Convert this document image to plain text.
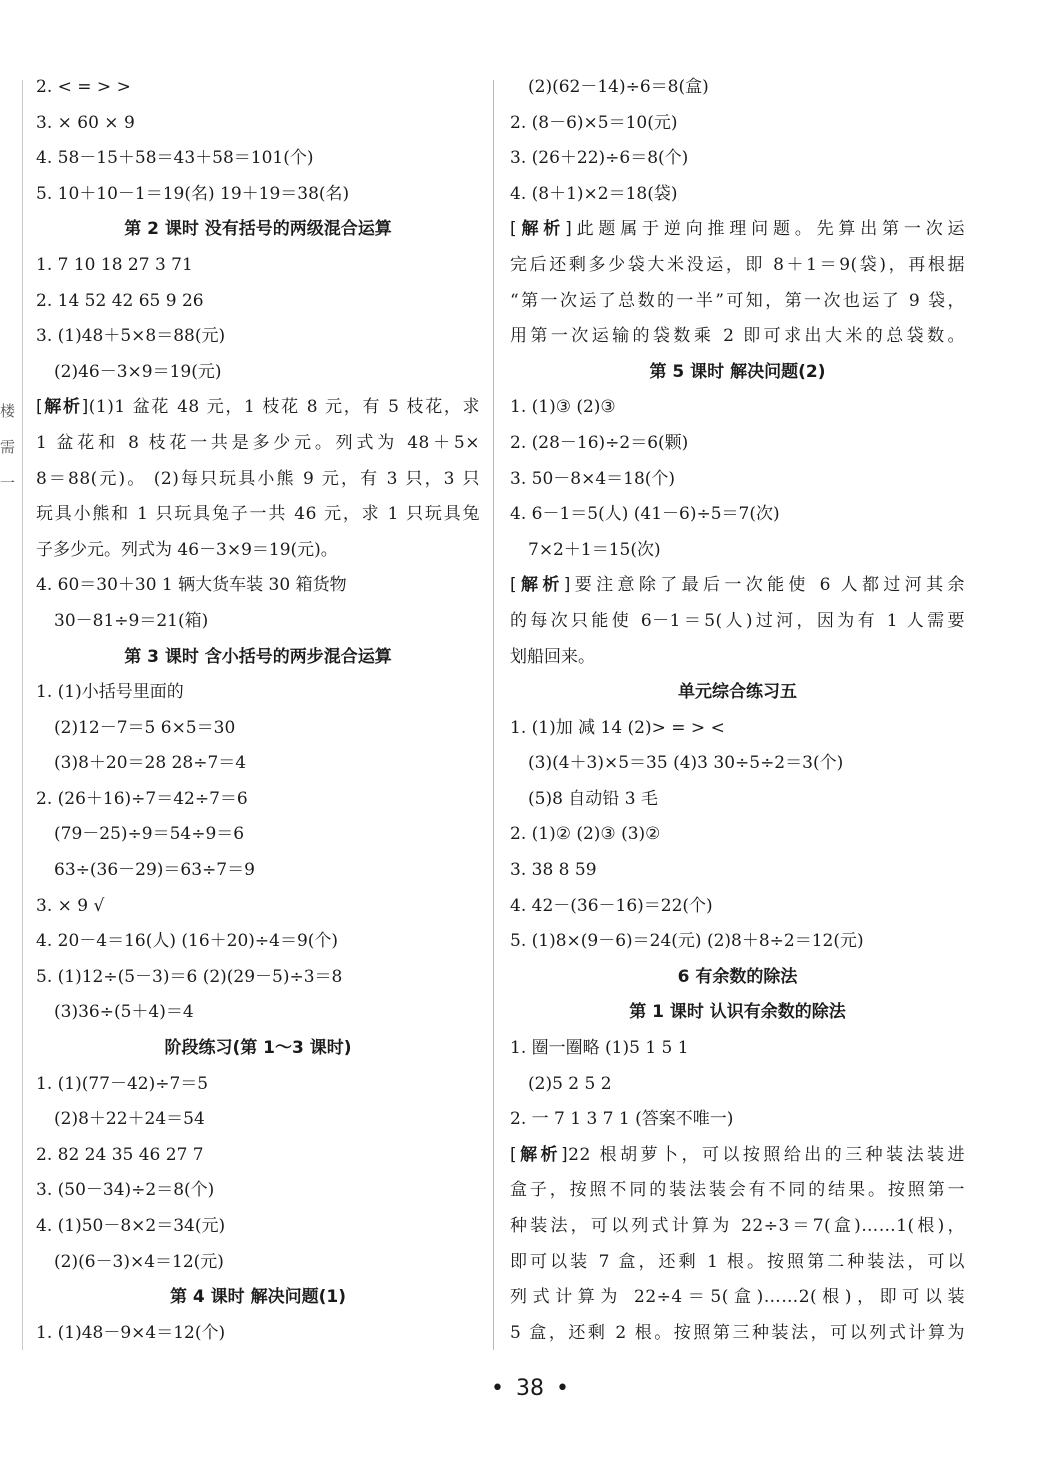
楼
需
一
2. < = > >
3. × 60 × 9
4. 58－15＋58＝43＋58＝101(个)
5. 10＋10－1＝19(名) 19＋19＝38(名)
第 2 课时 没有括号的两级混合运算
1. 7 10 18 27 3 71
2. 14 52 42 65 9 26
3. (1)48＋5×8＝88(元)
(2)46－3×9＝19(元)
[ 解析 ] (1)1 盆花 48 元，1 枝花 8 元，有 5 枝花，求
1 盆花和 8 枝花一共是多少元。列式为 48＋5×
8＝88(元)。 (2)每只玩具小熊 9 元，有 3 只，3 只
玩具小熊和 1 只玩具兔子一共 46 元，求 1 只玩具兔
子多少元。列式为 46－3×9＝19(元)。
4. 60＝30＋30 1 辆大货车装 30 箱货物
30－81÷9＝21(箱)
第 3 课时 含小括号的两步混合运算
1. (1)小括号里面的
(2)12－7＝5 6×5＝30
(3)8＋20＝28 28÷7＝4
2. (26＋16)÷7＝42÷7＝6
(79－25)÷9＝54÷9＝6
63÷(36－29)＝63÷7＝9
3. × 9 √
4. 20－4＝16(人) (16＋20)÷4＝9(个)
5. (1)12÷(5－3)＝6 (2)(29－5)÷3＝8
(3)36÷(5＋4)＝4
阶段练习(第 1～3 课时)
1. (1)(77－42)÷7＝5
(2)8＋22＋24＝54
2. 82 24 35 46 27 7
3. (50－34)÷2＝8(个)
4. (1)50－8×2＝34(元)
(2)(6－3)×4＝12(元)
第 4 课时 解决问题(1)
1. (1)48－9×4＝12(个)
(2)(62－14)÷6＝8(盒)
2. (8－6)×5＝10(元)
3. (26＋22)÷6＝8(个)
4. (8＋1)×2＝18(袋)
[ 解析 ] 此题属于逆向推理问题。先算出第一次运
完后还剩多少袋大米没运，即 8＋1＝9(袋)，再根据
“第一次运了总数的一半”可知，第一次也运了 9 袋，
用第一次运输的袋数乘 2 即可求出大米的总袋数。
第 5 课时 解决问题(2)
1. (1)③ (2)③
2. (28－16)÷2＝6(颗)
3. 50－8×4＝18(个)
4. 6－1＝5(人) (41－6)÷5＝7(次)
7×2＋1＝15(次)
[ 解析 ] 要注意除了最后一次能使 6 人都过河其余
的每次只能使 6－1＝5(人)过河，因为有 1 人需要
划船回来。
单元综合练习五
1. (1)加 减 14 (2)> = > <
(3)(4＋3)×5＝35 (4)3 30÷5÷2＝3(个)
(5)8 自动铅 3 毛
2. (1)② (2)③ (3)②
3. 38 8 59
4. 42－(36－16)＝22(个)
5. (1)8×(9－6)＝24(元) (2)8＋8÷2＝12(元)
6 有余数的除法
第 1 课时 认识有余数的除法
1. 圈一圈略 (1)5 1 5 1
(2)5 2 5 2
2. 一 7 1 3 7 1 (答案不唯一)
[ 解析 ] 22 根胡萝卜，可以按照给出的三种装法装进
盒子，按照不同的装法装会有不同的结果。按照第一
种装法，可以列式计算为 22÷3＝7(盒)……1(根)，
即可以装 7 盒，还剩 1 根。按照第二种装法，可以
列式计算为 22÷4＝5(盒)……2(根)，即可以装
5 盒，还剩 2 根。按照第三种装法，可以列式计算为
• 38 •
